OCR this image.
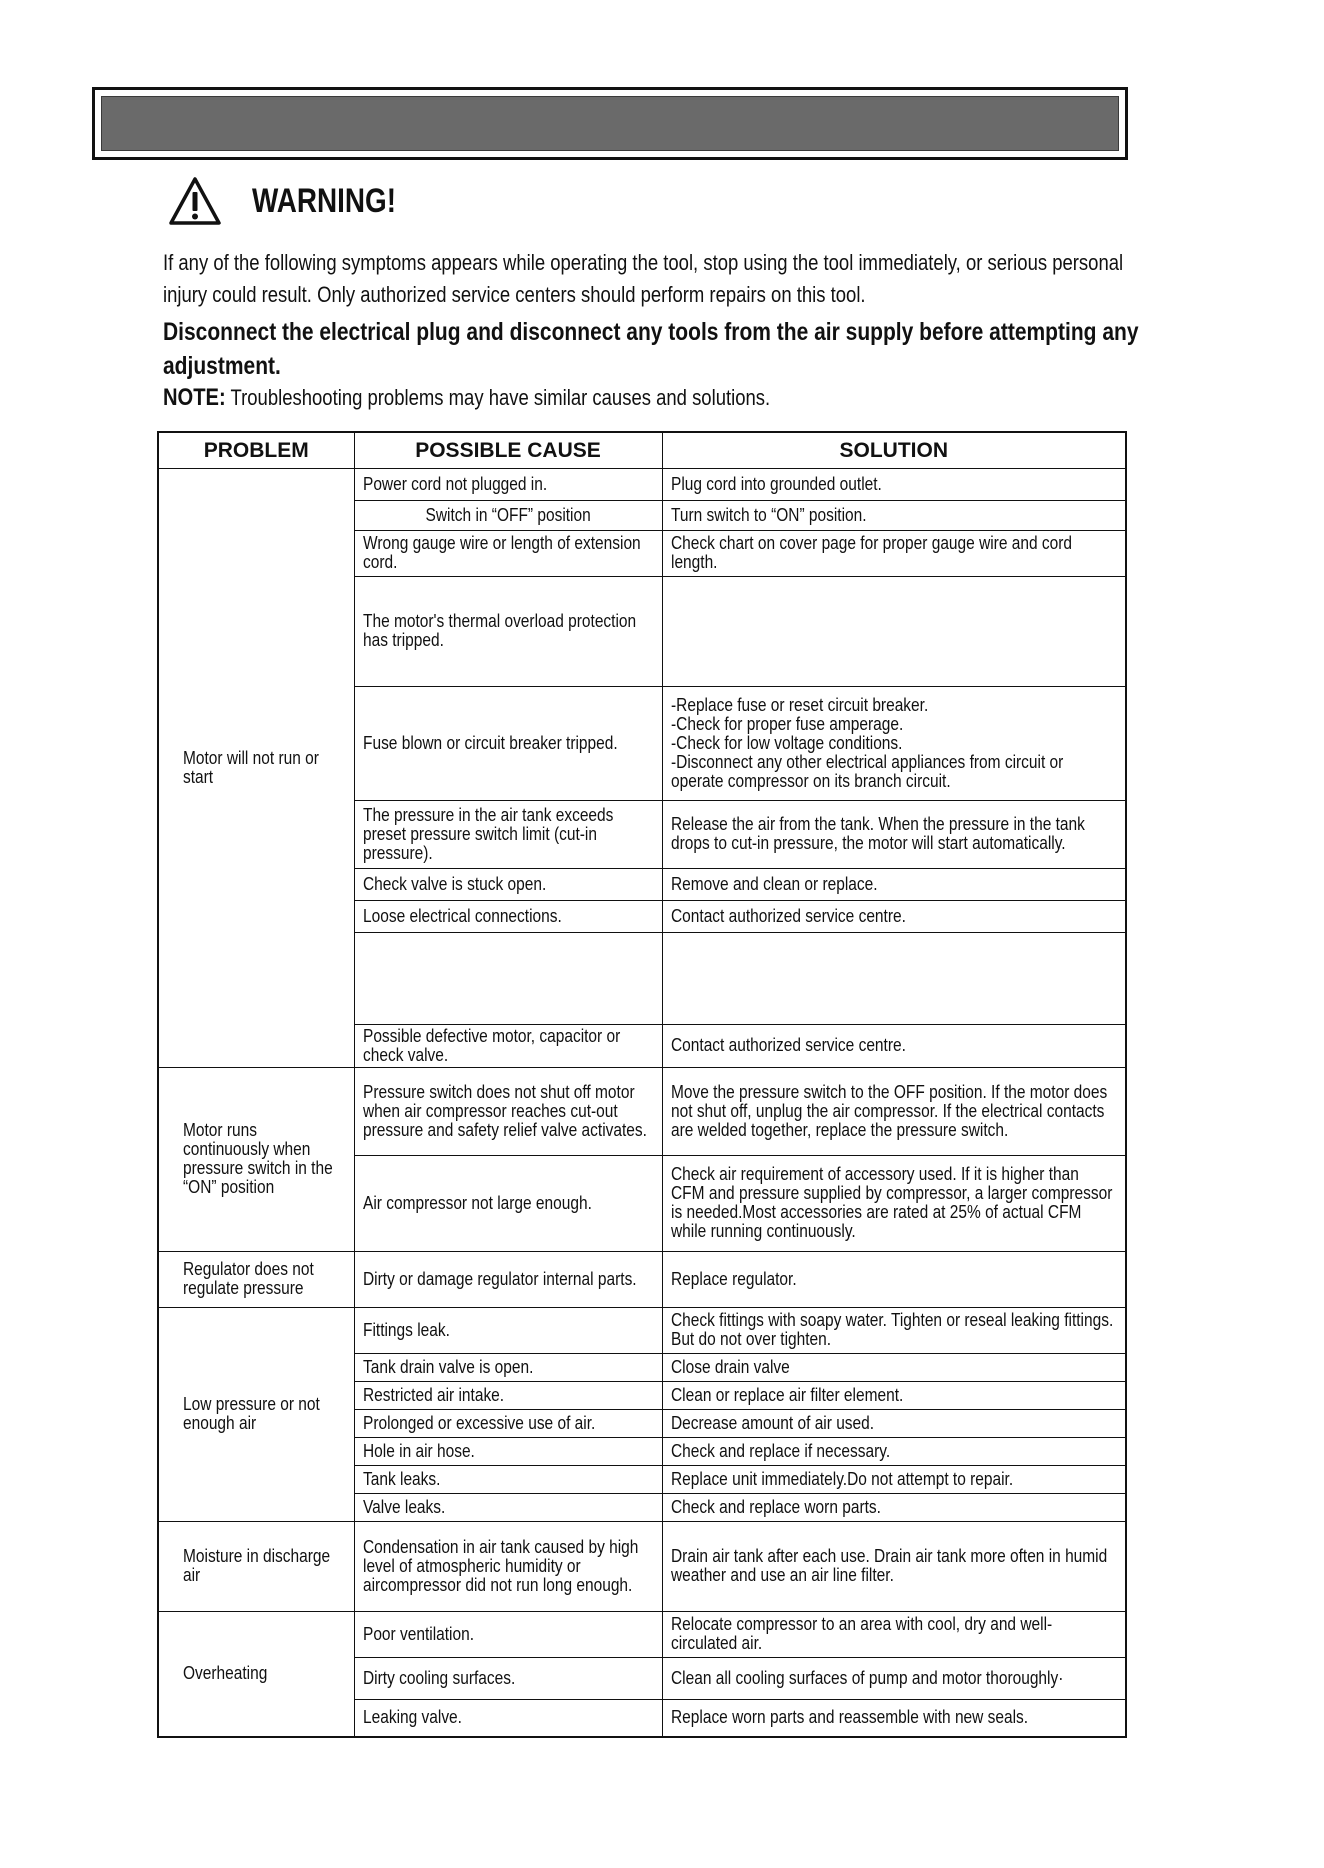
WARNING!

If any of the following symptoms appears while operating the tool, stop using the tool immediately, or serious personal injury could result. Only authorized service centers should perform repairs on this tool.

Disconnect the electrical plug and disconnect any tools from the air supply before attempting any adjustment.

NOTE: Troubleshooting problems may have similar causes and solutions.

PROBLEM	POSSIBLE CAUSE	SOLUTION
Motor will not run or start	Power cord not plugged in.	Plug cord into grounded outlet.
	Switch in “OFF” position	Turn switch to “ON” position.
	Wrong gauge wire or length of extension cord.	Check chart on cover page for proper gauge wire and cord length.
	The motor's thermal overload protection has tripped.	
	Fuse blown or circuit breaker tripped.	-Replace fuse or reset circuit breaker.
-Check for proper fuse amperage.
-Check for low voltage conditions.
-Disconnect any other electrical appliances from circuit or operate compressor on its branch circuit.
	The pressure in the air tank exceeds preset pressure switch limit (cut-in pressure).	Release the air from the tank. When the pressure in the tank drops to cut-in pressure, the motor will start automatically.
	Check valve is stuck open.	Remove and clean or replace.
	Loose electrical connections.	Contact authorized service centre.

	Possible defective motor, capacitor or check valve.	Contact authorized service centre.
Motor runs continuously when pressure switch in the “ON” position	Pressure switch does not shut off motor when air compressor reaches cut-out pressure and safety relief valve activates.	Move the pressure switch to the OFF position. If the motor does not shut off, unplug the air compressor. If the electrical contacts are welded together, replace the pressure switch.
	Air compressor not large enough.	Check air requirement of accessory used. If it is higher than CFM and pressure supplied by compressor, a larger compressor is needed.Most accessories are rated at 25% of actual CFM while running continuously.
Regulator does not regulate pressure	Dirty or damage regulator internal parts.	Replace regulator.
Low pressure or not enough air	Fittings leak.	Check fittings with soapy water. Tighten or reseal leaking fittings. But do not over tighten.
	Tank drain valve is open.	Close drain valve
	Restricted air intake.	Clean or replace air filter element.
	Prolonged or excessive use of air.	Decrease amount of air used.
	Hole in air hose.	Check and replace if necessary.
	Tank leaks.	Replace unit immediately.Do not attempt to repair.
	Valve leaks.	Check and replace worn parts.
Moisture in discharge air	Condensation in air tank caused by high level of atmospheric humidity or aircompressor did not run long enough.	Drain air tank after each use. Drain air tank more often in humid weather and use an air line filter.
Overheating	Poor ventilation.	Relocate compressor to an area with cool, dry and well-circulated air.
	Dirty cooling surfaces.	Clean all cooling surfaces of pump and motor thoroughly·
	Leaking valve.	Replace worn parts and reassemble with new seals.
